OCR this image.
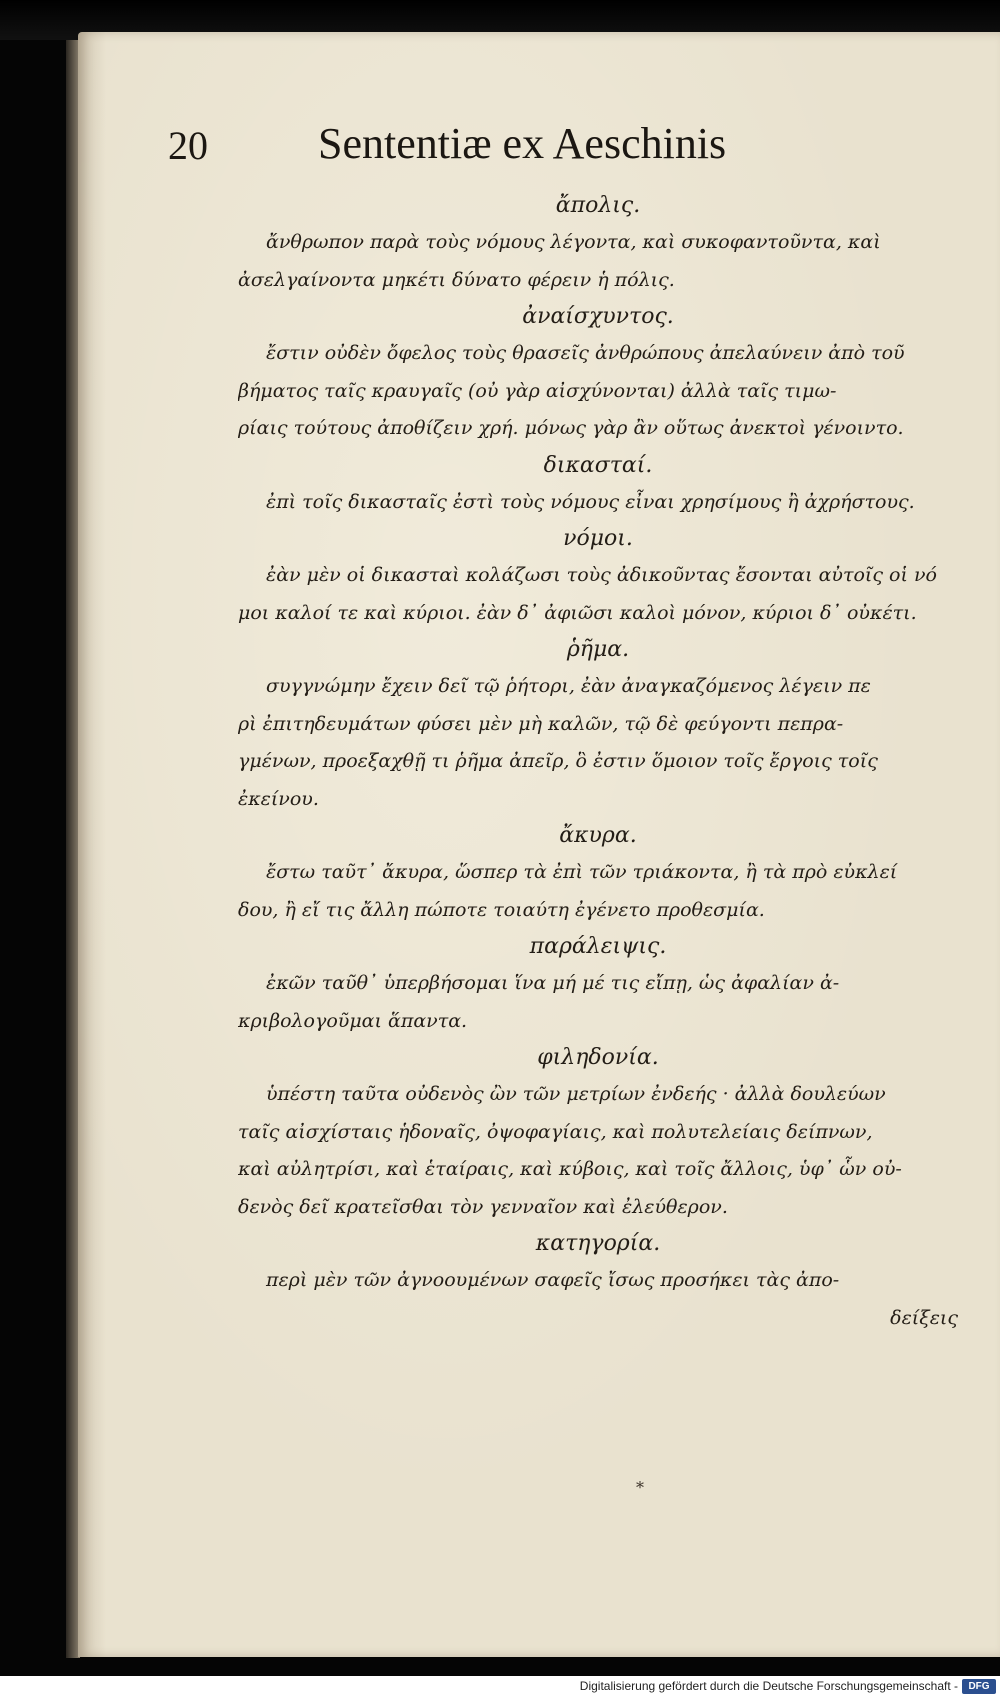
20	Sententiæ ex Aeschinis
ἄπολις.
ἄνθρωπον παρὰ τοὺς νόμους λέγοντα, καὶ συκοφαντοῦντα, καὶ
ἀσελγαίνοντα μηκέτι δύνατο φέρειν ἡ πόλις.
ἀναίσχυντος.
ἔστιν οὐδὲν ὄφελος τοὺς θρασεῖς ἀνθρώπους ἀπελαύνειν ἀπὸ τοῦ
βήματος ταῖς κραυγαῖς (οὐ γὰρ αἰσχύνονται) ἀλλὰ ταῖς τιμω-
ρίαις τούτους ἀποθίζειν χρή. μόνως γὰρ ἂν οὕτως ἀνεκτοὶ γένοιντο.
δικασταί.
ἐπὶ τοῖς δικασταῖς ἐστὶ τοὺς νόμους εἶναι χρησίμους ἢ ἀχρήστους.
νόμοι.
ἐὰν μὲν οἱ δικασταὶ κολάζωσι τοὺς ἀδικοῦντας ἔσονται αὐτοῖς οἱ νό
μοι καλοί τε καὶ κύριοι. ἐὰν δ᾽ ἀφιῶσι καλοὶ μόνον, κύριοι δ᾽ οὐκέτι.
ῥῆμα.
συγγνώμην ἔχειν δεῖ τῷ ῥήτορι, ἐὰν ἀναγκαζόμενος λέγειν πε
ρὶ ἐπιτηδευμάτων φύσει μὲν μὴ καλῶν, τῷ δὲ φεύγοντι πεπρα-
γμένων, προεξαχθῇ τι ῥῆμα ἀπεῖρ, ὃ ἐστιν ὅμοιον τοῖς ἔργοις τοῖς
ἐκείνου.
ἄκυρα.
ἔστω ταῦτ᾽ ἄκυρα, ὥσπερ τὰ ἐπὶ τῶν τριάκοντα, ἢ τὰ πρὸ εὐκλεί
δου, ἢ εἴ τις ἄλλη πώποτε τοιαύτη ἐγένετο προθεσμία.
παράλειψις.
ἐκῶν ταῦθ᾽ ὑπερβήσομαι ἵνα μή μέ τις εἴπῃ, ὡς ἀφαλίαν ἀ-
κριβολογοῦμαι ἅπαντα.
φιληδονία.
ὑπέστη ταῦτα οὐδενὸς ὢν τῶν μετρίων ἐνδεής · ἀλλὰ δουλεύων
ταῖς αἰσχίσταις ἡδοναῖς, ὀψοφαγίαις, καὶ πολυτελείαις δείπνων,
καὶ αὐλητρίσι, καὶ ἑταίραις, καὶ κύβοις, καὶ τοῖς ἄλλοις, ὑφ᾽ ὧν οὐ-
δενὸς δεῖ κρατεῖσθαι τὸν γενναῖον καὶ ἐλεύθερον.
κατηγορία.
περὶ μὲν τῶν ἀγνοουμένων σαφεῖς ἴσως προσήκει τὰς ἀπο-
δείξεις
*
Digitalisierung gefördert durch die Deutsche Forschungsgemeinschaft -	DFG
